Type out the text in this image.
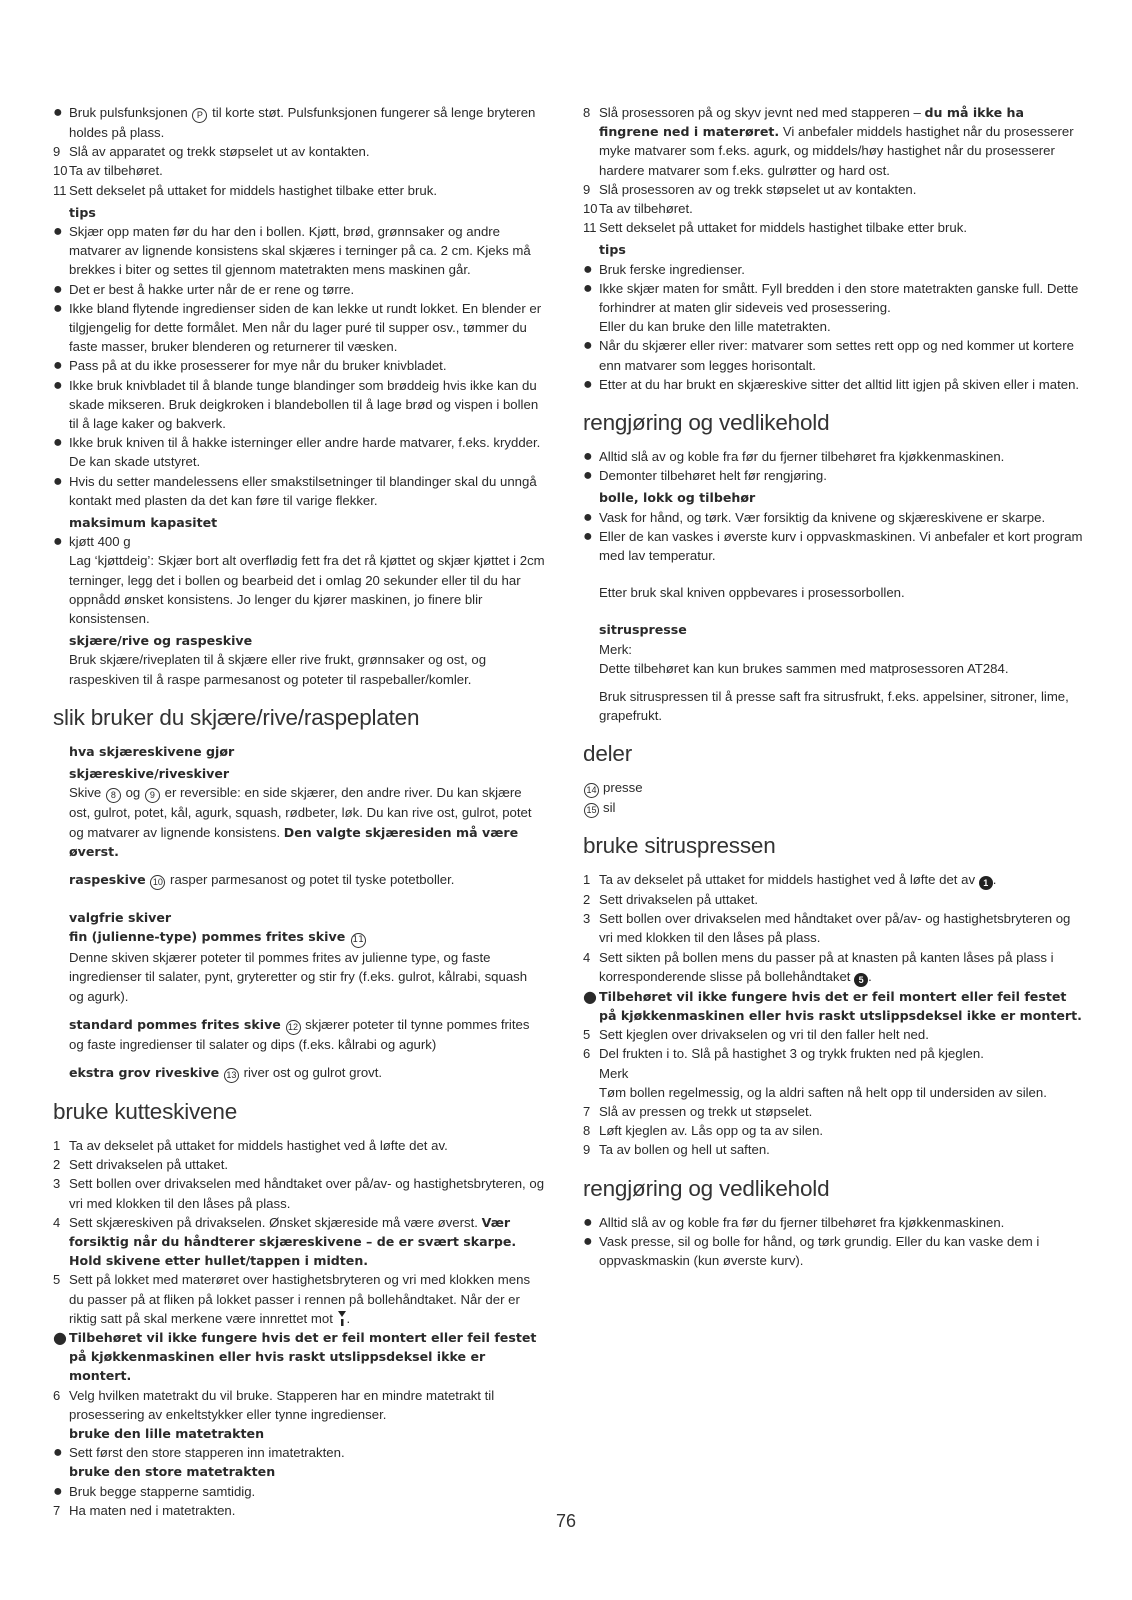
● Bruk pulsfunksjonen P til korte støt. Pulsfunksjonen fungerer så lenge bryteren holdes på plass.
9 Slå av apparatet og trekk støpselet ut av kontakten.
10 Ta av tilbehøret.
11 Sett dekselet på uttaket for middels hastighet tilbake etter bruk.
tips
● Skjær opp maten før du har den i bollen. Kjøtt, brød, grønnsaker og andre matvarer av lignende konsistens skal skjæres i terninger på ca. 2 cm. Kjeks må brekkes i biter og settes til gjennom matetrakten mens maskinen går.
● Det er best å hakke urter når de er rene og tørre.
● Ikke bland flytende ingredienser siden de kan lekke ut rundt lokket. En blender er tilgjengelig for dette formålet. Men når du lager puré til supper osv., tømmer du faste masser, bruker blenderen og returnerer til væsken.
● Pass på at du ikke prosesserer for mye når du bruker knivbladet.
● Ikke bruk knivbladet til å blande tunge blandinger som brøddeig hvis ikke kan du skade mikseren. Bruk deigkroken i blandebollen til å lage brød og vispen i bollen til å lage kaker og bakverk.
● Ikke bruk kniven til å hakke isterninger eller andre harde matvarer, f.eks. krydder. De kan skade utstyret.
● Hvis du setter mandelessens eller smakstilsetninger til blandinger skal du unngå kontakt med plasten da det kan føre til varige flekker.
maksimum kapasitet
● kjøtt 400 g
Lag ‘kjøttdeig’: Skjær bort alt overflødig fett fra det rå kjøttet og skjær kjøttet i 2cm terninger, legg det i bollen og bearbeid det i omlag 20 sekunder eller til du har oppnådd ønsket konsistens. Jo lenger du kjører maskinen, jo finere blir konsistensen.
skjære/rive og raspeskive
Bruk skjære/riveplaten til å skjære eller rive frukt, grønnsaker og ost, og raspeskiven til å raspe parmesanost og poteter til raspeballer/komler.
slik bruker du skjære/rive/raspeplaten
hva skjæreskivene gjør
skjæreskive/riveskiver
Skive 8 og 9 er reversible: en side skjærer, den andre river. Du kan skjære ost, gulrot, potet, kål, agurk, squash, rødbeter, løk. Du kan rive ost, gulrot, potet og matvarer av lignende konsistens. Den valgte skjæresiden må være øverst.
raspeskive 10 rasper parmesanost og potet til tyske potetboller.
valgfrie skiver
fin (julienne-type) pommes frites skive 11
Denne skiven skjærer poteter til pommes frites av julienne type, og faste ingredienser til salater, pynt, gryteretter og stir fry (f.eks. gulrot, kålrabi, squash og agurk).
standard pommes frites skive 12 skjærer poteter til tynne pommes frites og faste ingredienser til salater og dips (f.eks. kålrabi og agurk)
ekstra grov riveskive 13 river ost og gulrot grovt.
bruke kutteskivene
1 Ta av dekselet på uttaket for middels hastighet ved å løfte det av.
2 Sett drivakselen på uttaket.
3 Sett bollen over drivakselen med håndtaket over på/av- og hastighetsbryteren, og vri med klokken til den låses på plass.
4 Sett skjæreskiven på drivakselen. Ønsket skjæreside må være øverst. Vær forsiktig når du håndterer skjæreskivene – de er svært skarpe. Hold skivene etter hullet/tappen i midten.
5 Sett på lokket med materøret over hastighetsbryteren og vri med klokken mens du passer på at fliken på lokket passer i rennen på bollehåndtaket. Når der er riktig satt på skal merkene være innrettet mot .
● Tilbehøret vil ikke fungere hvis det er feil montert eller feil festet på kjøkkenmaskinen eller hvis raskt utslippsdeksel ikke er montert.
6 Velg hvilken matetrakt du vil bruke. Stapperen har en mindre matetrakt til prosessering av enkeltstykker eller tynne ingredienser.
bruke den lille matetrakten
● Sett først den store stapperen inn imatetrakten.
bruke den store matetrakten
● Bruk begge stapperne samtidig.
7 Ha maten ned i matetrakten.
8 Slå prosessoren på og skyv jevnt ned med stapperen – du må ikke ha fingrene ned i materøret. Vi anbefaler middels hastighet når du prosesserer myke matvarer som f.eks. agurk, og middels/høy hastighet når du prosesserer hardere matvarer som f.eks. gulrøtter og hard ost.
9 Slå prosessoren av og trekk støpselet ut av kontakten.
10 Ta av tilbehøret.
11 Sett dekselet på uttaket for middels hastighet tilbake etter bruk.
tips
● Bruk ferske ingredienser.
● Ikke skjær maten for smått. Fyll bredden i den store matetrakten ganske full. Dette forhindrer at maten glir sideveis ved prosessering.
Eller du kan bruke den lille matetrakten.
● Når du skjærer eller river: matvarer som settes rett opp og ned kommer ut kortere enn matvarer som legges horisontalt.
● Etter at du har brukt en skjæreskive sitter det alltid litt igjen på skiven eller i maten.
rengjøring og vedlikehold
● Alltid slå av og koble fra før du fjerner tilbehøret fra kjøkkenmaskinen.
● Demonter tilbehøret helt før rengjøring.
bolle, lokk og tilbehør
● Vask for hånd, og tørk. Vær forsiktig da knivene og skjæreskivene er skarpe.
● Eller de kan vaskes i øverste kurv i oppvaskmaskinen. Vi anbefaler et kort program med lav temperatur.
Etter bruk skal kniven oppbevares i prosessorbollen.
sitruspresse
Merk:
Dette tilbehøret kan kun brukes sammen med matprosessoren AT284.
Bruk sitruspressen til å presse saft fra sitrusfrukt, f.eks. appelsiner, sitroner, lime, grapefrukt.
deler
14 presse
15 sil
bruke sitruspressen
1 Ta av dekselet på uttaket for middels hastighet ved å løfte det av 1 .
2 Sett drivakselen på uttaket.
3 Sett bollen over drivakselen med håndtaket over på/av- og hastighetsbryteren og vri med klokken til den låses på plass.
4 Sett sikten på bollen mens du passer på at knasten på kanten låses på plass i korresponderende slisse på bollehåndtaket 5 .
● Tilbehøret vil ikke fungere hvis det er feil montert eller feil festet på kjøkkenmaskinen eller hvis raskt utslippsdeksel ikke er montert.
5 Sett kjeglen over drivakselen og vri til den faller helt ned.
6 Del frukten i to. Slå på hastighet 3 og trykk frukten ned på kjeglen.
Merk
Tøm bollen regelmessig, og la aldri saften nå helt opp til undersiden av silen.
7 Slå av pressen og trekk ut støpselet.
8 Løft kjeglen av. Lås opp og ta av silen.
9 Ta av bollen og hell ut saften.
rengjøring og vedlikehold
● Alltid slå av og koble fra før du fjerner tilbehøret fra kjøkkenmaskinen.
● Vask presse, sil og bolle for hånd, og tørk grundig. Eller du kan vaske dem i oppvaskmaskin (kun øverste kurv).
76
